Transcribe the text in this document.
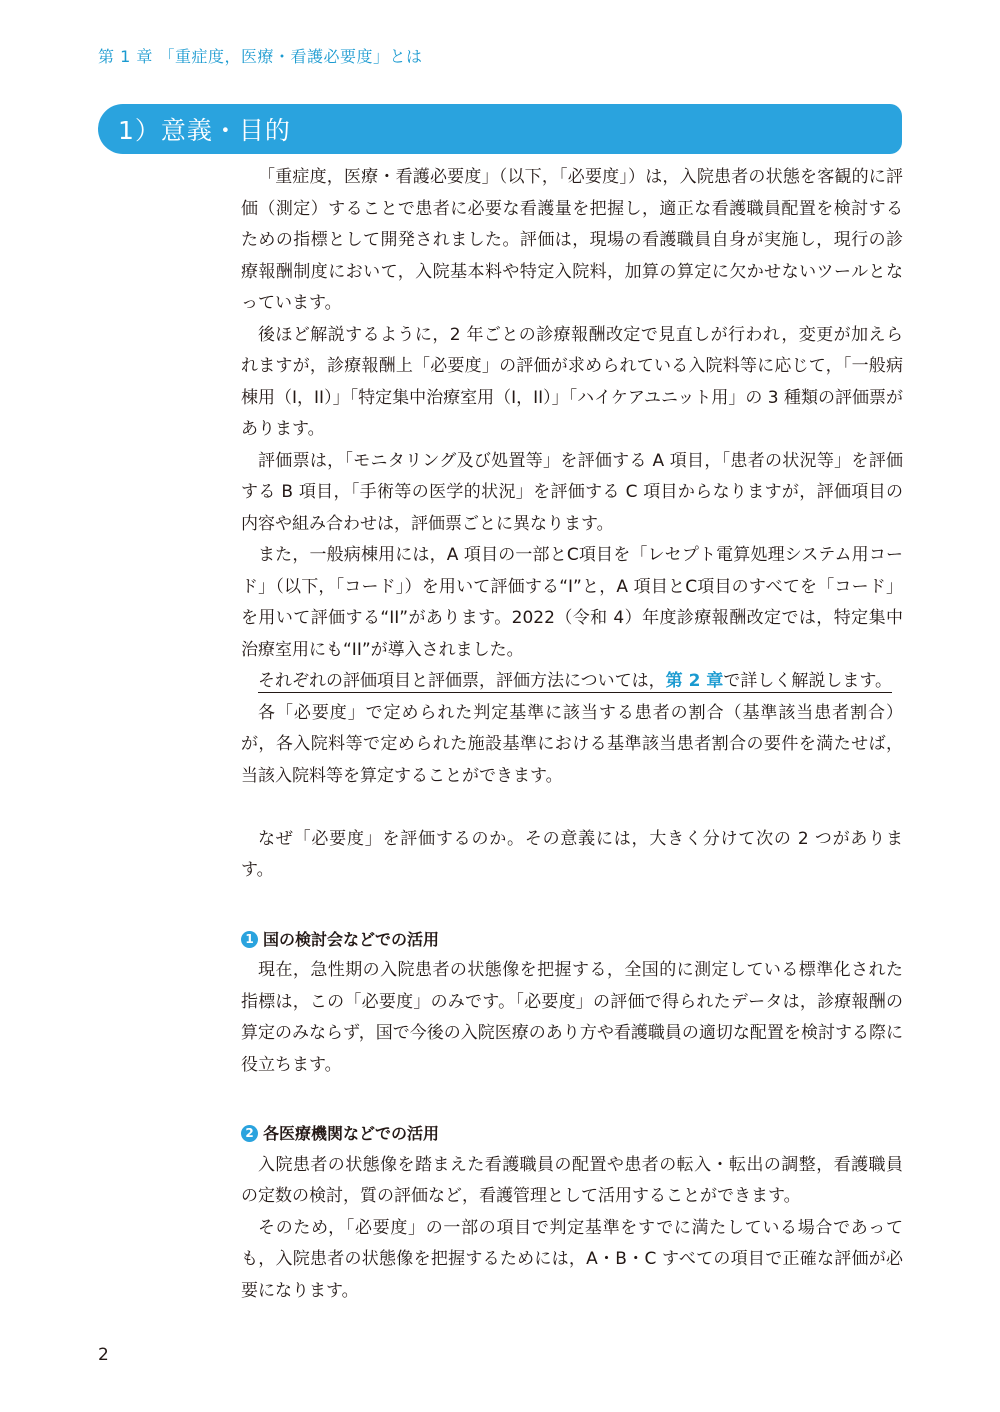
第 1 章 「重症度，医療・看護必要度」とは
1）意義・目的

「重症度，医療・看護必要度」（以下，「必要度」）は，入院患者の状態を客観的に評価（測定）することで患者に必要な看護量を把握し，適正な看護職員配置を検討するための指標として開発されました。評価は，現場の看護職員自身が実施し，現行の診療報酬制度において，入院基本料や特定入院料，加算の算定に欠かせないツールとなっています。

後ほど解説するように，2 年ごとの診療報酬改定で見直しが行われ，変更が加えられますが，診療報酬上「必要度」の評価が求められている入院料等に応じて，「一般病棟用（I，II）」「特定集中治療室用（I，II）」「ハイケアユニット用」の 3 種類の評価票があります。

評価票は，「モニタリング及び処置等」を評価する A 項目，「患者の状況等」を評価する B 項目，「手術等の医学的状況」を評価する C 項目からなりますが，評価項目の内容や組み合わせは，評価票ごとに異なります。

また，一般病棟用には，A 項目の一部とC項目を「レセプト電算処理システム用コード」（以下，「コード」）を用いて評価する“I”と，A 項目とC項目のすべてを「コード」を用いて評価する“II”があります。2022（令和 4）年度診療報酬改定では，特定集中治療室用にも“II”が導入されました。

それぞれの評価項目と評価票，評価方法については，第 2 章で詳しく解説します。

各「必要度」で定められた判定基準に該当する患者の割合（基準該当患者割合）が，各入院料等で定められた施設基準における基準該当患者割合の要件を満たせば，当該入院料等を算定することができます。

なぜ「必要度」を評価するのか。その意義には，大きく分けて次の 2 つがあります。

1 国の検討会などでの活用

現在，急性期の入院患者の状態像を把握する，全国的に測定している標準化された指標は，この「必要度」のみです。「必要度」の評価で得られたデータは，診療報酬の算定のみならず，国で今後の入院医療のあり方や看護職員の適切な配置を検討する際に役立ちます。

2 各医療機関などでの活用

入院患者の状態像を踏まえた看護職員の配置や患者の転入・転出の調整，看護職員の定数の検討，質の評価など，看護管理として活用することができます。

そのため，「必要度」の一部の項目で判定基準をすでに満たしている場合であっても，入院患者の状態像を把握するためには，A・B・C すべての項目で正確な評価が必要になります。

2
